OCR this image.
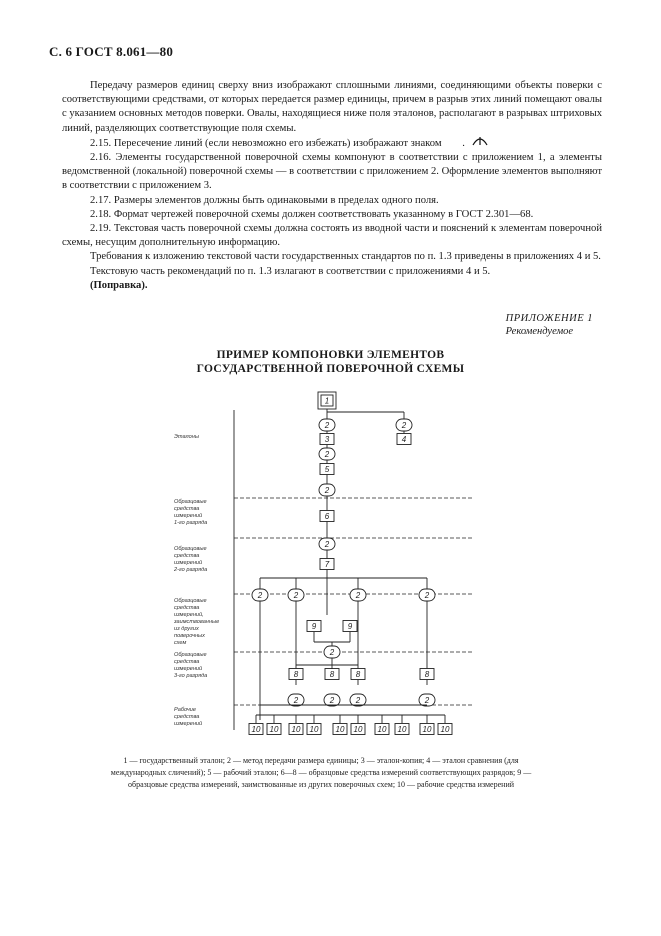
С. 6 ГОСТ 8.061—80

Передачу размеров единиц сверху вниз изображают сплошными линиями, соединяющими объекты поверки с соответствующими средствами, от которых передается размер единицы, причем в разрыв этих линий помещают овалы с указанием основных методов поверки. Овалы, находящиеся ниже поля эталонов, располагают в разрывах штриховых линий, разделяющих соответствующие поля схемы.

2.15. Пересечение линий (если невозможно его избежать) изображают знаком .

2.16. Элементы государственной поверочной схемы компонуют в соответствии с приложением 1, а элементы ведомственной (локальной) поверочной схемы — в соответствии с приложением 2. Оформление элементов выполняют в соответствии с приложением 3.

2.17. Размеры элементов должны быть одинаковыми в пределах одного поля.

2.18. Формат чертежей поверочной схемы должен соответствовать указанному в ГОСТ 2.301—68.

2.19. Текстовая часть поверочной схемы должна состоять из вводной части и пояснений к элементам поверочной схемы, несущим дополнительную информацию.

Требования к изложению текстовой части государственных стандартов по п. 1.3 приведены в приложениях 4 и 5.

Текстовую часть рекомендаций по п. 1.3 излагают в соответствии с приложениями 4 и 5.

(Поправка).

ПРИЛОЖЕНИЕ 1
Рекомендуемое
ПРИМЕР КОМПОНОВКИ ЭЛЕМЕНТОВ
ГОСУДАРСТВЕННОЙ ПОВЕРОЧНОЙ СХЕМЫ
Эталоны
Образцовые
средства
измерений
1-го разряда
Образцовые
средства
измерений
2-го разряда
Образцовые
средства
измерений,
заимствованные
из других
поверочных
схем
Образцовые
средства
измерений
3-го разряда
Рабочие
средства
измерений
1
2
3
2
4
2
5
2
6
2
7
2	2	2	2
9	9
2
8	8	8	8
2	2	2	2
10 10 10 10 10 10 10 10 10 10
1 — государственный эталон; 2 — метод передачи размера единицы; 3 — эталон-копия; 4 — эталон сравнения (для международных сличений); 5 — рабочий эталон; 6—8 — образцовые средства измерений соответствующих разрядов; 9 — образцовые средства измерений, заимствованные из других поверочных схем; 10 — рабочие средства измерений
